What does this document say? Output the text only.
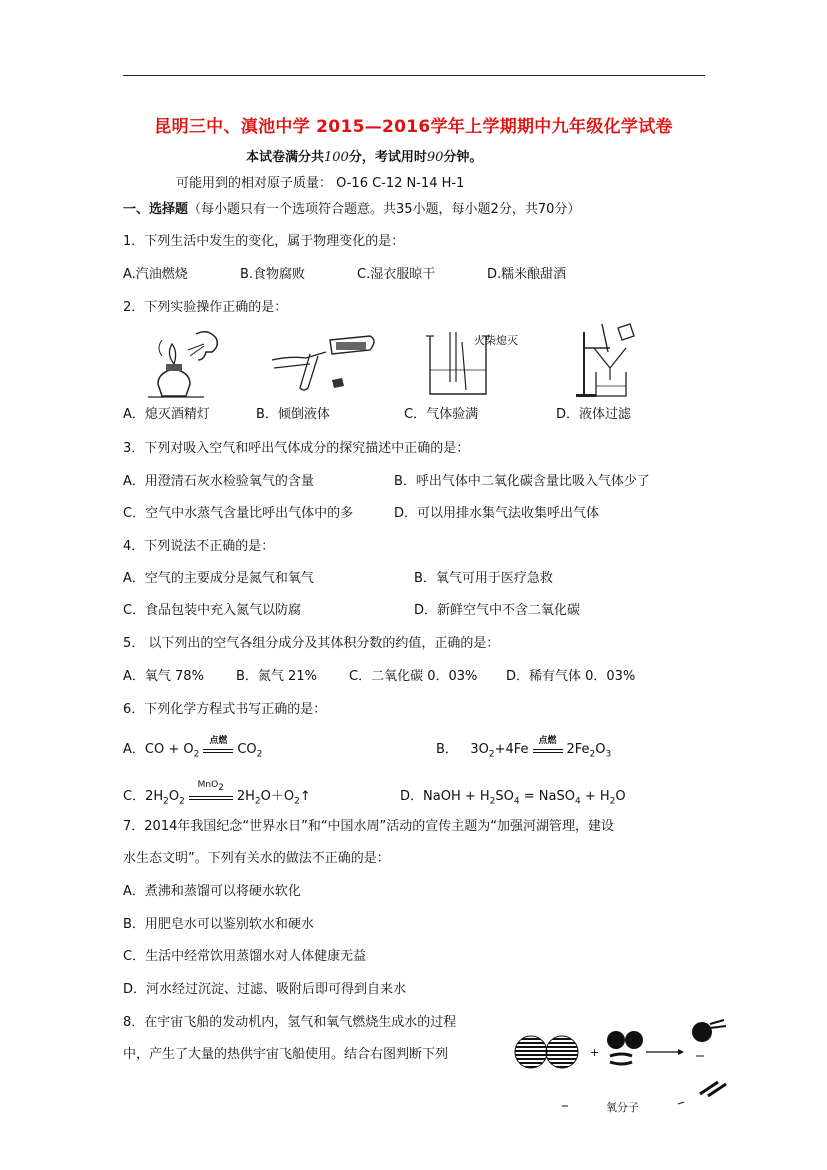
昆明三中、滇池中学 2015—2016学年上学期期中九年级化学试卷
本试卷满分共100分，考试用时90分钟。
可能用到的相对原子质量： O-16 C-12 N-14 H-1
一、选择题（每小题只有一个选项符合题意。共35小题，每小题2分，共70分）
1．下列生活中发生的变化，属于物理变化的是：
A.汽油燃烧	B.食物腐败	C.湿衣服晾干	D.糯米酿甜酒
2．下列实验操作正确的是：
火柴熄灭
A．熄灭酒精灯	B．倾倒液体	C．气体验满	D．液体过滤
3．下列对吸入空气和呼出气体成分的探究描述中正确的是：
A．用澄清石灰水检验氧气的含量	B．呼出气体中二氧化碳含量比吸入气体少了
C．空气中水蒸气含量比呼出气体中的多	D．可以用排水集气法收集呼出气体
4．下列说法不正确的是：
A．空气的主要成分是氮气和氧气	B．氧气可用于医疗急救
C．食品包装中充入氮气以防腐	D．新鲜空气中不含二氧化碳
5． 以下列出的空气各组分成分及其体积分数的约值，正确的是：
A．氧气 78% B．氮气 21% C．二氧化碳 0．03% D．稀有气体 0．03%
6．下列化学方程式书写正确的是：
A．CO + $O_2$
点燃
$CO_2$	B．   $3O_2+4Fe$
点燃
$2Fe_2O_3$
C．$2H_2O_2$
MnO$_2$
$2H_2O+O_2↑$	D．NaOH + $H_2SO_4$ = NaSO$_4$ + $H_2O$
7．2014年我国纪念“世界水日”和“中国水周”活动的宣传主题为“加强河湖管理，建设
水生态文明”。下列有关水的做法不正确的是：
A．煮沸和蒸馏可以将硬水软化
B．用肥皂水可以鉴别软水和硬水
C．生活中经常饮用蒸馏水对人体健康无益
D．河水经过沉淀、过滤、吸附后即可得到自来水
8．在宇宙飞船的发动机内，氢气和氧气燃烧生成水的过程
中，产生了大量的热供宇宙飞船使用。结合右图判断下列	+
氧分子
